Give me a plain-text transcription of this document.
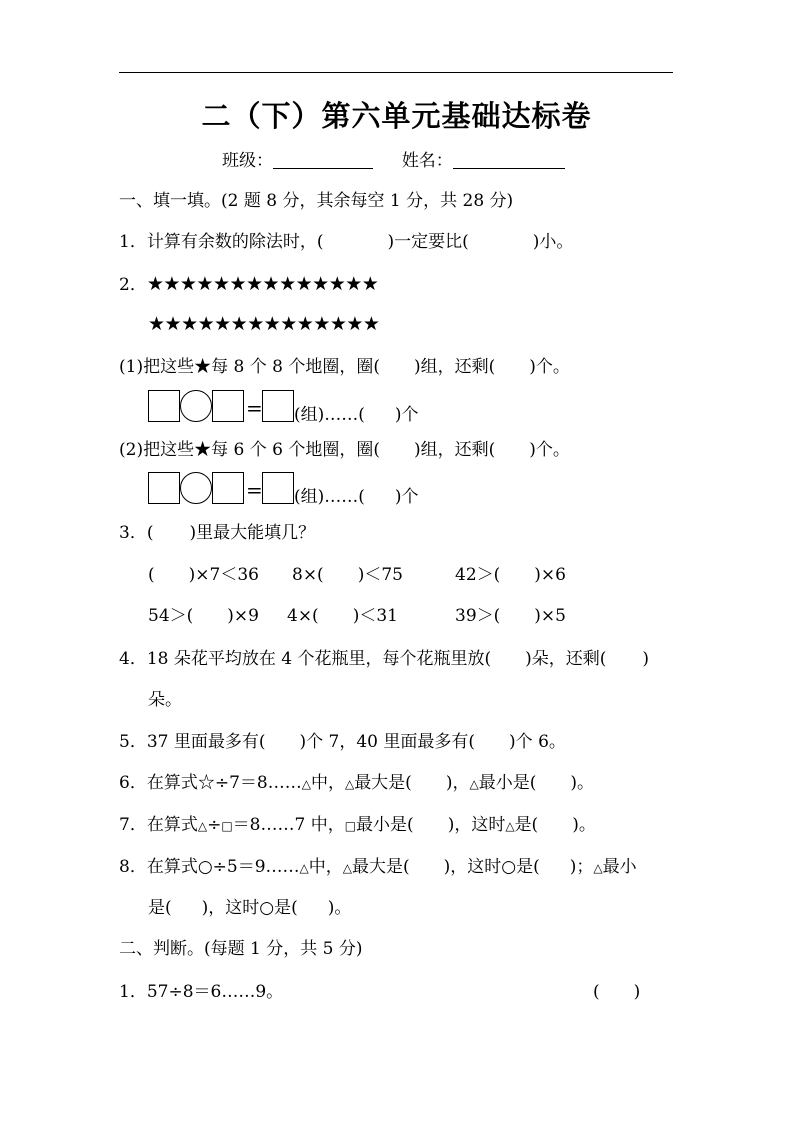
二（下）第六单元基础达标卷
班级：	姓名：
一、填一填。(2 题 8 分，其余每空 1 分，共 28 分)
1．计算有余数的除法时，(	)一定要比(	)小。
2．★★★★★★★★★★★★★★
★★★★★★★★★★★★★★
(1)把这些★每 8 个 8 个地圈，圈( )组，还剩( )个。
= (组)……( )个
(2)把这些★每 6 个 6 个地圈，圈( )组，还剩( )个。
= (组)……( )个
3．( )里最大能填几？
(　　)×7＜36 8×(　　)＜75	42＞(　　)×6
54＞(　　)×9 4×(　　)＜31	39＞(　　)×5
4．18 朵花平均放在 4 个花瓶里，每个花瓶里放( )朵，还剩( )
朵。
5．37 里面最多有( )个 7，40 里面最多有( )个 6。
6．在算式☆÷7＝8……△中，△最大是( )，△最小是( )。
7．在算式△÷□＝8……7 中，□最小是( )，这时△是( )。
8．在算式○÷5＝9……△中，△最大是( )，这时○是( )；△最小
是( )，这时○是( )。
二、判断。(每题 1 分，共 5 分)
1．57÷8＝6……9。	( )
